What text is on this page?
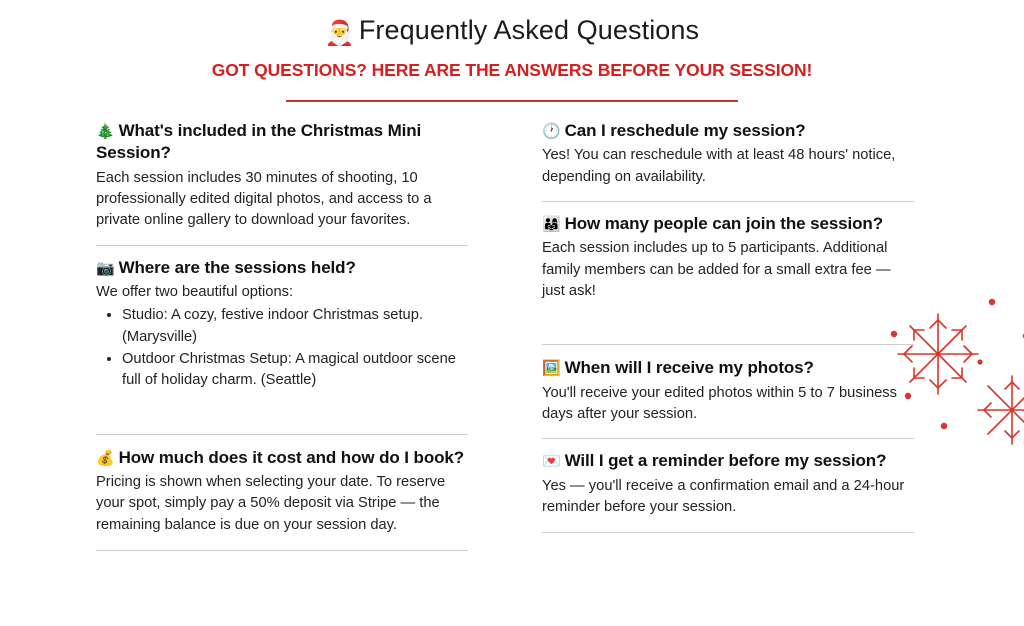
🎅 Frequently Asked Questions

GOT QUESTIONS? HERE ARE THE ANSWERS BEFORE YOUR SESSION!

🎄 What's included in the Christmas Mini Session?

Each session includes 30 minutes of shooting, 10 professionally edited digital photos, and access to a private online gallery to download your favorites.

📷 Where are the sessions held?

We offer two beautiful options:

• Studio: A cozy, festive indoor Christmas setup. (Marysville)
• Outdoor Christmas Setup: A magical outdoor scene full of holiday charm. (Seattle)

💰 How much does it cost and how do I book?

Pricing is shown when selecting your date. To reserve your spot, simply pay a 50% deposit via Stripe — the remaining balance is due on your session day.

🕐 Can I reschedule my session?

Yes! You can reschedule with at least 48 hours' notice, depending on availability.

👨‍👩‍👧 How many people can join the session?

Each session includes up to 5 participants. Additional family members can be added for a small extra fee — just ask!

🖼️ When will I receive my photos?

You'll receive your edited photos within 5 to 7 business days after your session.

💌 Will I get a reminder before my session?

Yes — you'll receive a confirmation email and a 24-hour reminder before your session.
